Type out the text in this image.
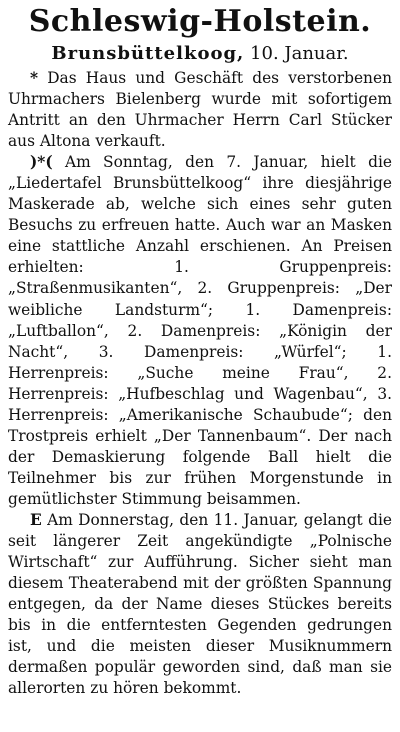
Schleswig-Holstein.
Brunsbüttelkoog, 10. Januar.

* Das Haus und Geschäft des verstorbenen Uhrmachers Bielenberg wurde mit sofortigem Antritt an den Uhrmacher Herrn Carl Stücker aus Altona verkauft.

)*( Am Sonntag, den 7. Januar, hielt die „Liedertafel Brunsbüttelkoog“ ihre diesjährige Maskerade ab, welche sich eines sehr guten Besuchs zu erfreuen hatte. Auch war an Masken eine stattliche Anzahl erschienen. An Preisen erhielten: 1. Gruppenpreis: „Straßenmusikanten“, 2. Gruppenpreis: „Der weibliche Landsturm“; 1. Damenpreis: „Luftballon“, 2. Damenpreis: „Königin der Nacht“, 3. Damenpreis: „Würfel“; 1. Herrenpreis: „Suche meine Frau“, 2. Herrenpreis: „Hufbeschlag und Wagenbau“, 3. Herrenpreis: „Amerikanische Schaubude“; den Trostpreis erhielt „Der Tannenbaum“. Der nach der Demaskierung folgende Ball hielt die Teilnehmer bis zur frühen Morgenstunde in gemütlichster Stimmung beisammen.

E Am Donnerstag, den 11. Januar, gelangt die seit längerer Zeit angekündigte „Polnische Wirtschaft“ zur Aufführung. Sicher sieht man diesem Theaterabend mit der größten Spannung entgegen, da der Name dieses Stückes bereits bis in die entferntesten Gegenden gedrungen ist, und die meisten dieser Musiknummern dermaßen populär geworden sind, daß man sie allerorten zu hören bekommt.
